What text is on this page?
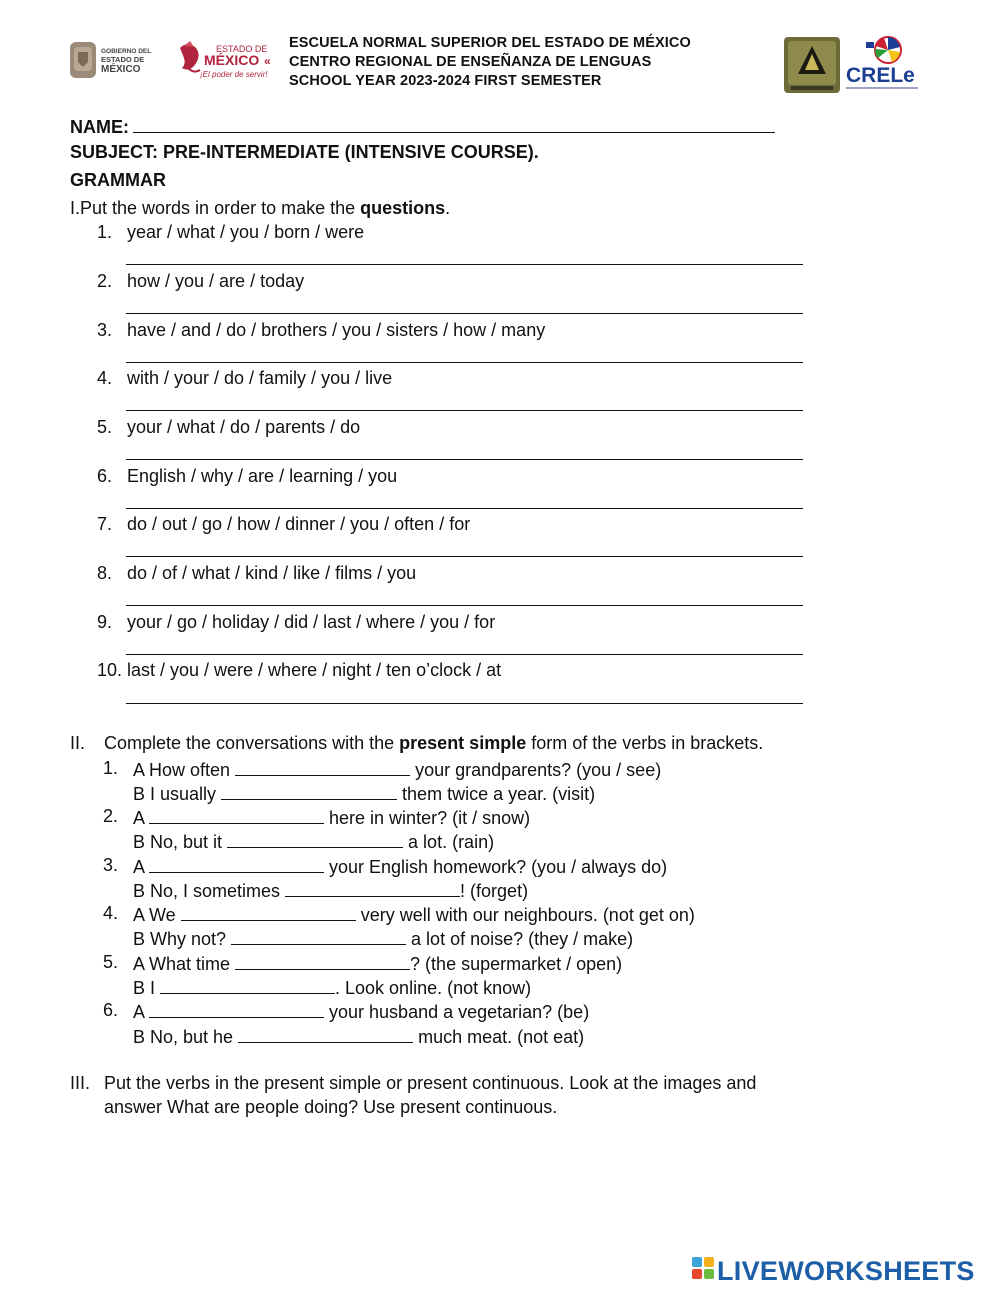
GOBIERNO DEL
ESTADO DE
MÉXICO
ESTADO DE
MÉXICO
¡El poder de servir!
«
ESCUELA NORMAL SUPERIOR DEL ESTADO DE MÉXICO
CENTRO REGIONAL DE ENSEÑANZA DE LENGUAS
SCHOOL YEAR 2023-2024 FIRST SEMESTER	CRELe
NAME:
SUBJECT: PRE-INTERMEDIATE (INTENSIVE COURSE).
GRAMMAR
I.Put the words in order to make the questions.
1. year / what / you / born / were
2. how / you / are / today
3. have / and / do / brothers / you / sisters / how / many
4. with / your / do / family / you / live
5. your / what / do / parents / do
6. English / why / are / learning / you
7. do / out / go / how / dinner / you / often / for
8. do / of / what / kind / like / films / you
9. your / go / holiday / did / last / where / you / for
10. last / you / were / where / night / ten o’clock / at
II. Complete the conversations with the present simple form of the verbs in brackets.
1. A How often	your grandparents? (you / see)
B I usually	them twice a year. (visit)
2. A	here in winter? (it / snow)
B No, but it	a lot. (rain)
3. A	your English homework? (you / always do)
B No, I sometimes	! (forget)
4. A We	very well with our neighbours. (not get on)
B Why not?	a lot of noise? (they / make)
5. A What time	? (the supermarket / open)
B I	. Look online. (not know)
6. A	your husband a vegetarian? (be)
B No, but he	much meat. (not eat)
III. Put the verbs in the present simple or present continuous. Look at the images and
answer What are people doing? Use present continuous.
LIVEWORKSHEETS
